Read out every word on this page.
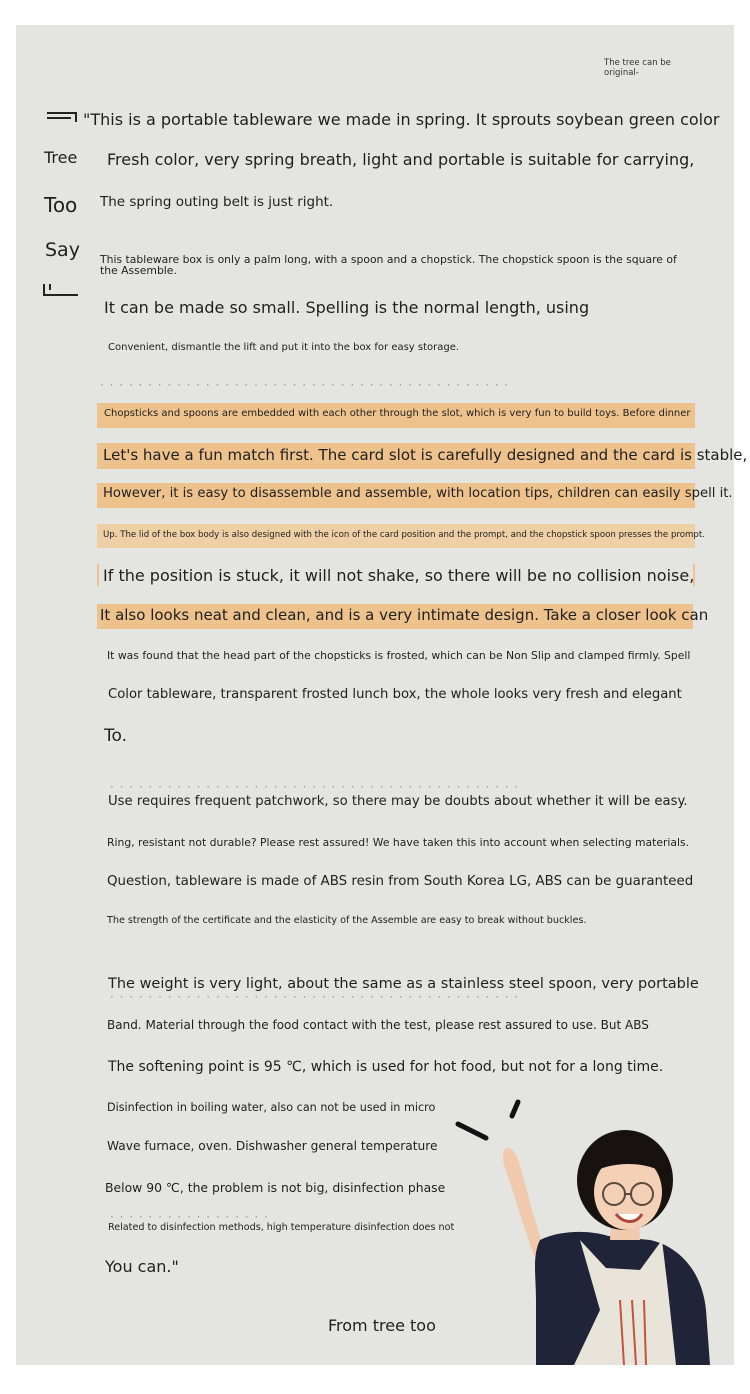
The tree can be original-
Tree
Too
Say
"This is a portable tableware we made in spring. It sprouts soybean green color
Fresh color, very spring breath, light and portable is suitable for carrying,
The spring outing belt is just right.
This tableware box is only a palm long, with a spoon and a chopstick. The chopstick spoon is the square of
the Assemble.
It can be made so small. Spelling is the normal length, using
Convenient, dismantle the lift and put it into the box for easy storage.
· · · · · · · · · · · · · · · · · · · · · · · · · · · · · · · · · · · · · · · · · · ·
Chopsticks and spoons are embedded with each other through the slot, which is very fun to build toys. Before dinner
Let's have a fun match first. The card slot is carefully designed and the card is stable,
However, it is easy to disassemble and assemble, with location tips, children can easily spell it.
Up. The lid of the box body is also designed with the icon of the card position and the prompt, and the chopstick spoon presses the prompt.
If the position is stuck, it will not shake, so there will be no collision noise,
It also looks neat and clean, and is a very intimate design. Take a closer look can
It was found that the head part of the chopsticks is frosted, which can be Non Slip and clamped firmly. Spell
Color tableware, transparent frosted lunch box, the whole looks very fresh and elegant
To.
· · · · · · · · · · · · · · · · · · · · · · · · · · · · · · · · · · · · · · · · · · ·
Use requires frequent patchwork, so there may be doubts about whether it will be easy.
Ring, resistant not durable? Please rest assured! We have taken this into account when selecting materials.
Question, tableware is made of ABS resin from South Korea LG, ABS can be guaranteed
The strength of the certificate and the elasticity of the Assemble are easy to break without buckles.
The weight is very light, about the same as a stainless steel spoon, very portable
· · · · · · · · · · · · · · · · · · · · · · · · · · · · · · · · · · · · · · · · · · ·
Band. Material through the food contact with the test, please rest assured to use. But ABS
The softening point is 95 ℃, which is used for hot food, but not for a long time.
Disinfection in boiling water, also can not be used in micro
Wave furnace, oven. Dishwasher general temperature
Below 90 ℃, the problem is not big, disinfection phase
· · · · · · · · · · · · · · · · ·
Related to disinfection methods, high temperature disinfection does not
You can."
From tree too
